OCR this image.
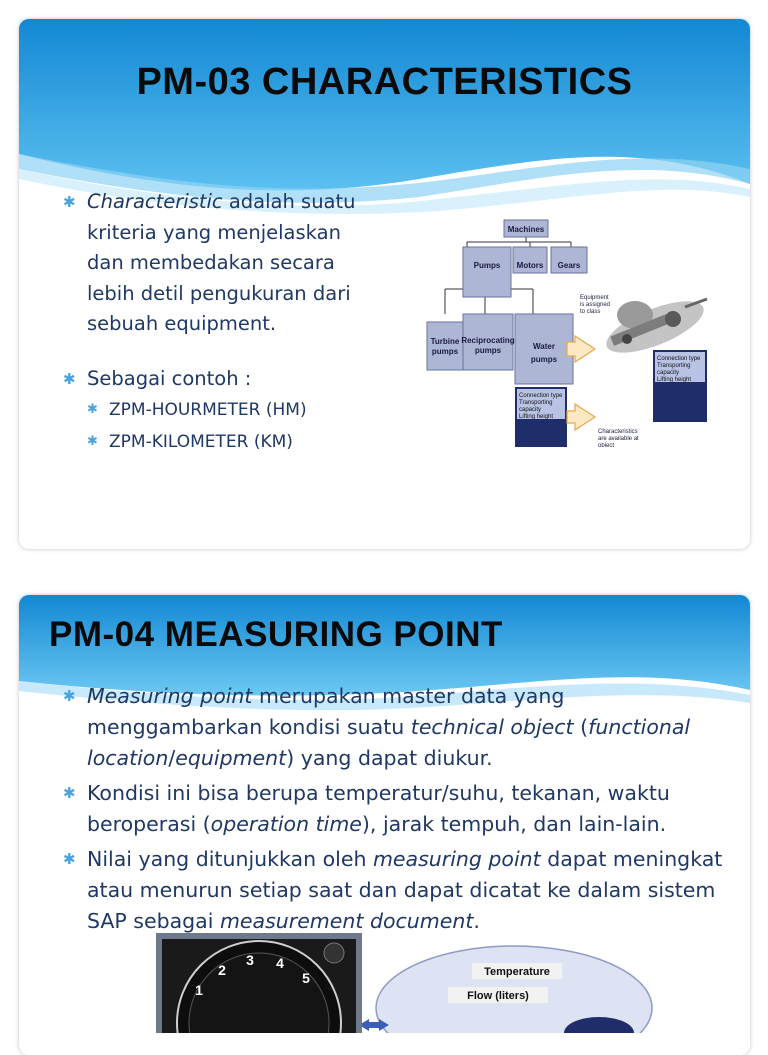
PM-03 CHARACTERISTICS
✱ Characteristic adalah suatu kriteria yang menjelaskan dan membedakan secara lebih detil pengukuran dari sebuah equipment.
✱ Sebagai contoh :
✱ ZPM-HOURMETER (HM)
✱ ZPM-KILOMETER (KM)
Machines
Pumps Motors Gears
Turbine
pumps
Reciprocating
pumps	Water
pumps
Connection type
Transporting
capacity
Lifting height
Equipment
is assigned
to class
Characteristics
are available at
object
Connection type
Transporting
capacity
Lifting height
PM-04 MEASURING POINT
✱ Measuring point merupakan master data yang menggambarkan kondisi suatu technical object (functional location/equipment) yang dapat diukur.
✱ Kondisi ini bisa berupa temperatur/suhu, tekanan, waktu beroperasi (operation time), jarak tempuh, dan lain-lain.
✱ Nilai yang ditunjukkan oleh measuring point dapat meningkat atau menurun setiap saat dan dapat dicatat ke dalam sistem SAP sebagai measurement document.
Temperature
Flow (liters)
1
2
3 4
5
